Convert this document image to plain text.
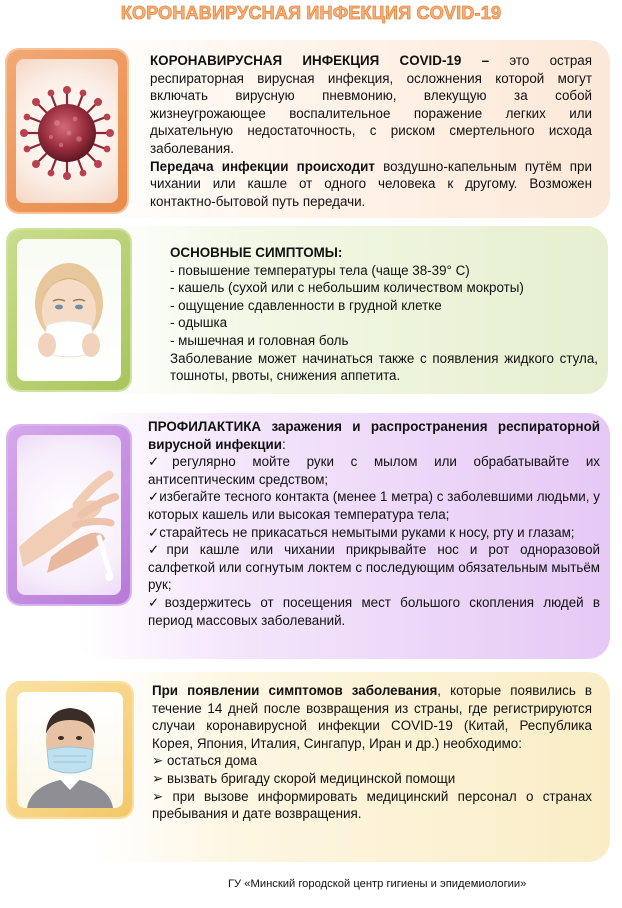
КОРОНАВИРУСНАЯ ИНФЕКЦИЯ COVID-19

КОРОНАВИРУСНАЯ ИНФЕКЦИЯ COVID-19 – это острая респираторная вирусная инфекция, осложнения которой могут включать вирусную пневмонию, влекущую за собой жизнеугрожающее воспалительное поражение легких или дыхательную недостаточность, с риском смертельного исхода заболевания.

Передача инфекции происходит воздушно-капельным путём при чихании или кашле от одного человека к другому. Возможен контактно-бытовой путь передачи.

ОСНОВНЫЕ СИМПТОМЫ:

- повышение температуры тела (чаще 38-39° С)

- кашель (сухой или с небольшим количеством мокроты)

- ощущение сдавленности в грудной клетке

- одышка

- мышечная и головная боль

Заболевание может начинаться также с появления жидкого стула, тошноты, рвоты, снижения аппетита.

ПРОФИЛАКТИКА заражения и распространения респираторной вирусной инфекции:

✓регулярно мойте руки с мылом или обрабатывайте их антисептическим средством;

✓избегайте тесного контакта (менее 1 метра) с заболевшими людьми, у которых кашель или высокая температура тела;

✓старайтесь не прикасаться немытыми руками к носу, рту и глазам;

✓при кашле или чихании прикрывайте нос и рот одноразовой салфеткой или согнутым локтем с последующим обязательным мытьём рук;

✓воздержитесь от посещения мест большого скопления людей в период массовых заболеваний.

При появлении симптомов заболевания, которые появились в течение 14 дней после возвращения из страны, где регистрируются случаи коронавирусной инфекции COVID-19 (Китай, Республика Корея, Япония, Италия, Сингапур, Иран и др.) необходимо:

➢ остаться дома

➢ вызвать бригаду скорой медицинской помощи

➢ при вызове информировать медицинский персонал о странах пребывания и дате возвращения.

ГУ «Минский городской центр гигиены и эпидемиологии»
